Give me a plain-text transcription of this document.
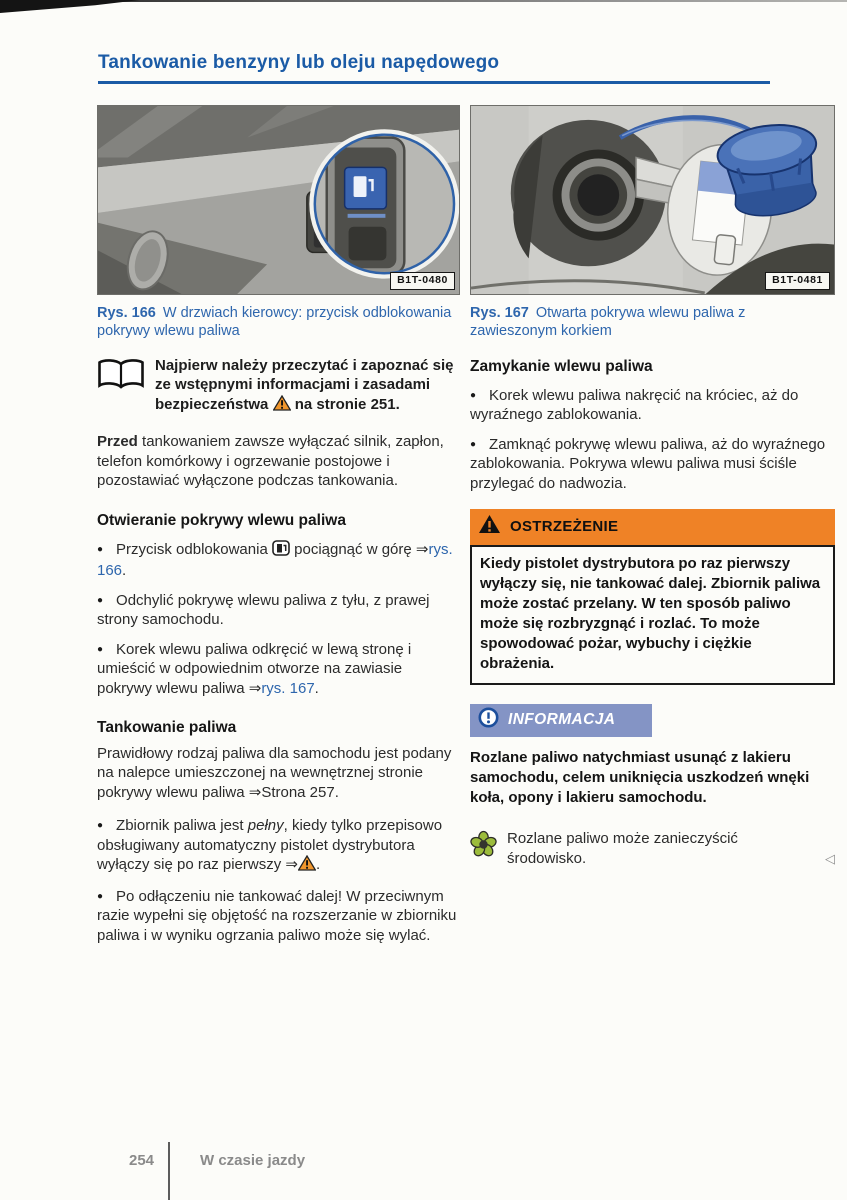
Tankowanie benzyny lub oleju napędowego
B1T-0480

Rys. 166 W drzwiach kierowcy: przycisk odblokowania pokrywy wlewu paliwa

Najpierw należy przeczytać i zapoznać się ze wstępnymi informacjami i zasadami bezpieczeństwa na stronie 251.

Przed tankowaniem zawsze wyłączać silnik, zapłon, telefon komórkowy i ogrzewanie postojowe i pozostawiać wyłączone podczas tankowania.

Otwieranie pokrywy wlewu paliwa

● Przycisk odblokowania pociągnąć w górę ⇒rys. 166.

● Odchylić pokrywę wlewu paliwa z tyłu, z prawej strony samochodu.

● Korek wlewu paliwa odkręcić w lewą stronę i umieścić w odpowiednim otworze na zawiasie pokrywy wlewu paliwa ⇒rys. 167.

Tankowanie paliwa

Prawidłowy rodzaj paliwa dla samochodu jest podany na nalepce umieszczonej na wewnętrznej stronie pokrywy wlewu paliwa ⇒Strona 257.

● Zbiornik paliwa jest pełny, kiedy tylko przepisowo obsługiwany automatyczny pistolet dystrybutora wyłączy się po raz pierwszy ⇒ .

● Po odłączeniu nie tankować dalej! W przeciwnym razie wypełni się objętość na rozszerzanie w zbiorniku paliwa i w wyniku ogrzania paliwo może się wylać.

B1T-0481

Rys. 167 Otwarta pokrywa wlewu paliwa z zawieszonym korkiem

Zamykanie wlewu paliwa

● Korek wlewu paliwa nakręcić na króciec, aż do wyraźnego zablokowania.

● Zamknąć pokrywę wlewu paliwa, aż do wyraźnego zablokowania. Pokrywa wlewu paliwa musi ściśle przylegać do nadwozia.

OSTRZEŻENIE
Kiedy pistolet dystrybutora po raz pierwszy wyłączy się, nie tankować dalej. Zbiornik paliwa może zostać przelany. W ten sposób paliwo może się rozbryzgnąć i rozlać. To może spowodować pożar, wybuchy i ciężkie obrażenia.
INFORMACJA
Rozlane paliwo natychmiast usunąć z lakieru samochodu, celem uniknięcia uszkodzeń wnęki koła, opony i lakieru samochodu.
Rozlane paliwo może zanieczyścić środowisko.	◁
254	W czasie jazdy
